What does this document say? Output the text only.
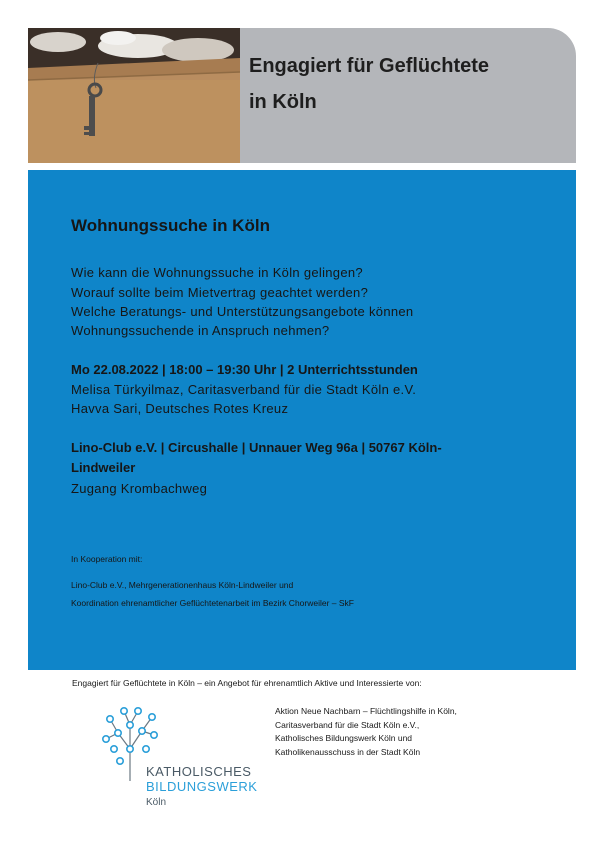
Engagiert für Geflüchtete
in Köln
Wohnungssuche in Köln
Wie kann die Wohnungssuche in Köln gelingen?
Worauf sollte beim Mietvertrag geachtet werden?
Welche Beratungs- und Unterstützungsangebote können
Wohnungssuchende in Anspruch nehmen?
Mo 22.08.2022 | 18:00 – 19:30 Uhr | 2 Unterrichtsstunden
Melisa Türkyilmaz, Caritasverband für die Stadt Köln e.V.
Havva Sari, Deutsches Rotes Kreuz
Lino-Club e.V. | Circushalle | Unnauer Weg 96a | 50767 Köln-
Lindweiler
Zugang Krombachweg
In Kooperation mit:
Lino-Club e.V., Mehrgenerationenhaus Köln-Lindweiler und
Koordination ehrenamtlicher Geflüchtetenarbeit im Bezirk Chorweiler – SkF
Engagiert für Geflüchtete in Köln – ein Angebot für ehrenamtlich Aktive und Interessierte von:
KATHOLISCHES
BILDUNGSWERK
Köln
Aktion Neue Nachbarn – Flüchtlingshilfe in Köln,
Caritasverband für die Stadt Köln e.V.,
Katholisches Bildungswerk Köln und
Katholikenausschuss in der Stadt Köln
